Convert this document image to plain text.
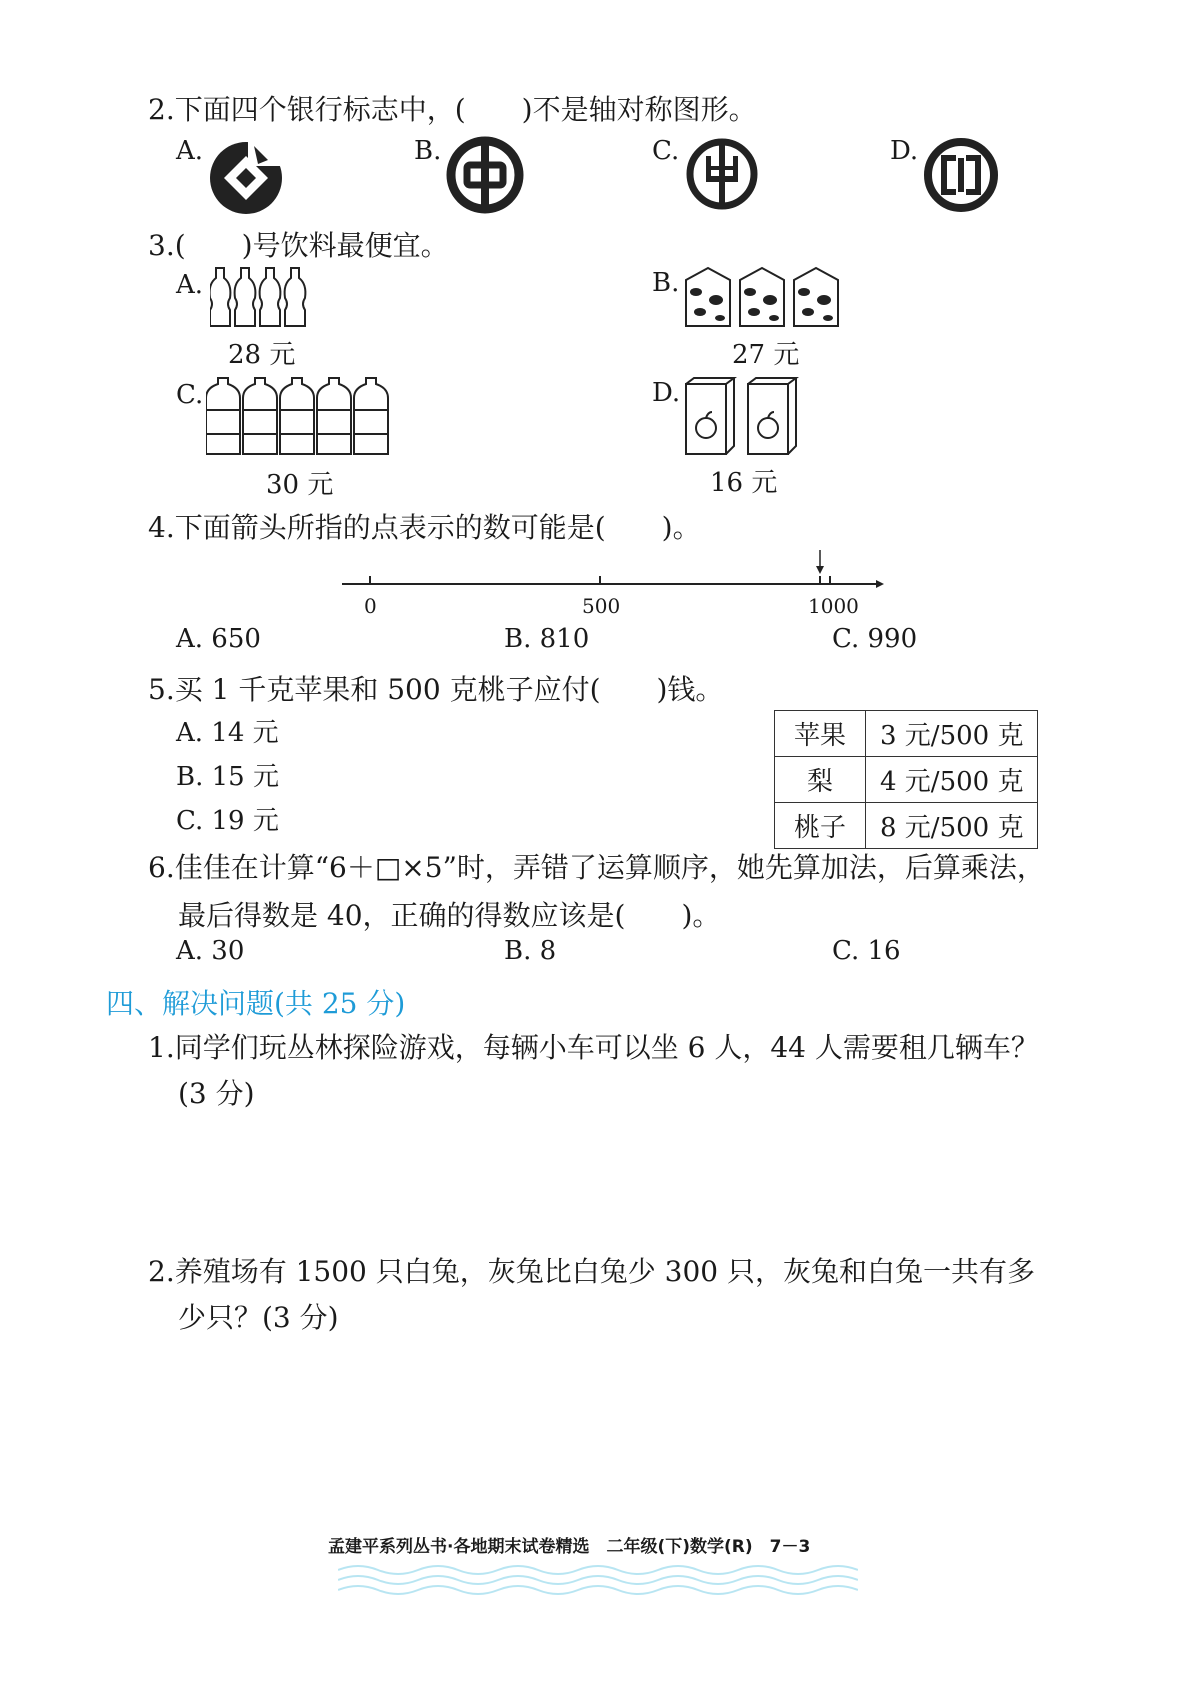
2.下面四个银行标志中，(　　)不是轴对称图形。
A.	B.	C.	D.
3.(　　)号饮料最便宜。
A.
28 元
B.
27 元
C.
30 元
D.
16 元
4.下面箭头所指的点表示的数可能是(　　)。
0	500	1000
A. 650	B. 810	C. 990
5.买 1 千克苹果和 500 克桃子应付(　　)钱。
A. 14 元
B. 15 元
C. 19 元
苹果	3 元/500 克
梨	4 元/500 克
桃子	8 元/500 克
6.佳佳在计算“6＋□×5”时，弄错了运算顺序，她先算加法，后算乘法，
最后得数是 40，正确的得数应该是(　　)。
A. 30	B. 8	C. 16
四、解决问题(共 25 分)
1.同学们玩丛林探险游戏，每辆小车可以坐 6 人，44 人需要租几辆车？
(3 分)
2.养殖场有 1500 只白兔，灰兔比白兔少 300 只，灰兔和白兔一共有多
少只？(3 分)
孟建平系列丛书·各地期末试卷精选　二年级(下)数学(R)　7－3
